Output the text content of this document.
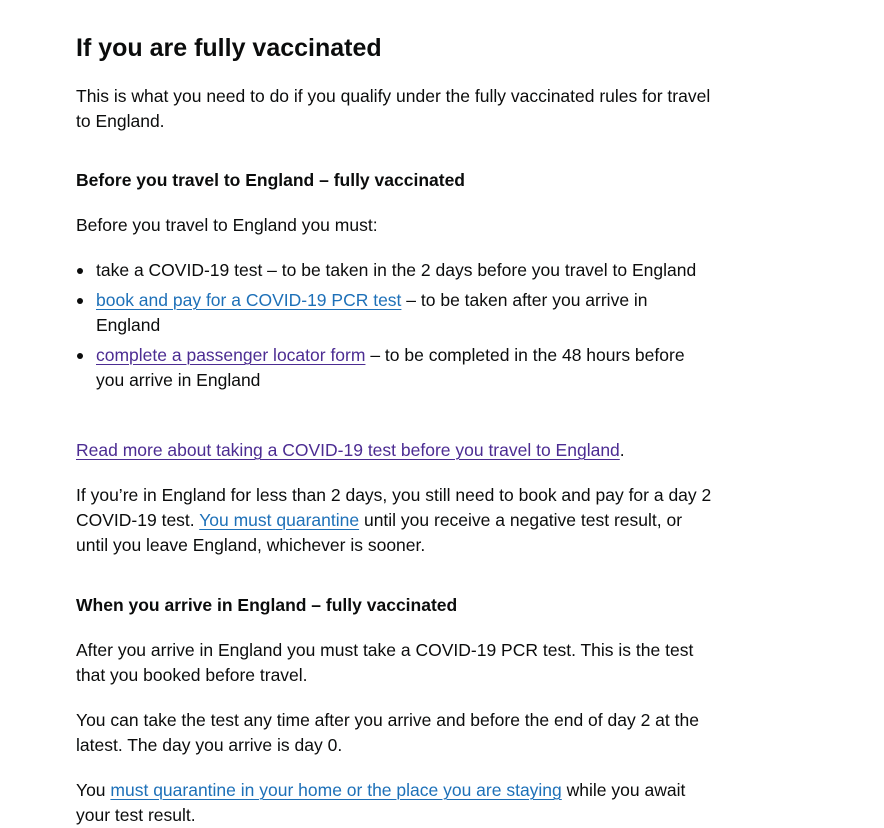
If you are fully vaccinated

This is what you need to do if you qualify under the fully vaccinated rules for travel to England.

Before you travel to England – fully vaccinated

Before you travel to England you must:

take a COVID-19 test – to be taken in the 2 days before you travel to England
book and pay for a COVID-19 PCR test – to be taken after you arrive in England
complete a passenger locator form – to be completed in the 48 hours before you arrive in England

Read more about taking a COVID-19 test before you travel to England.

If you’re in England for less than 2 days, you still need to book and pay for a day 2 COVID-19 test. You must quarantine until you receive a negative test result, or until you leave England, whichever is sooner.

When you arrive in England – fully vaccinated

After you arrive in England you must take a COVID-19 PCR test. This is the test that you booked before travel.

You can take the test any time after you arrive and before the end of day 2 at the latest. The day you arrive is day 0.

You must quarantine in your home or the place you are staying while you await your test result.
